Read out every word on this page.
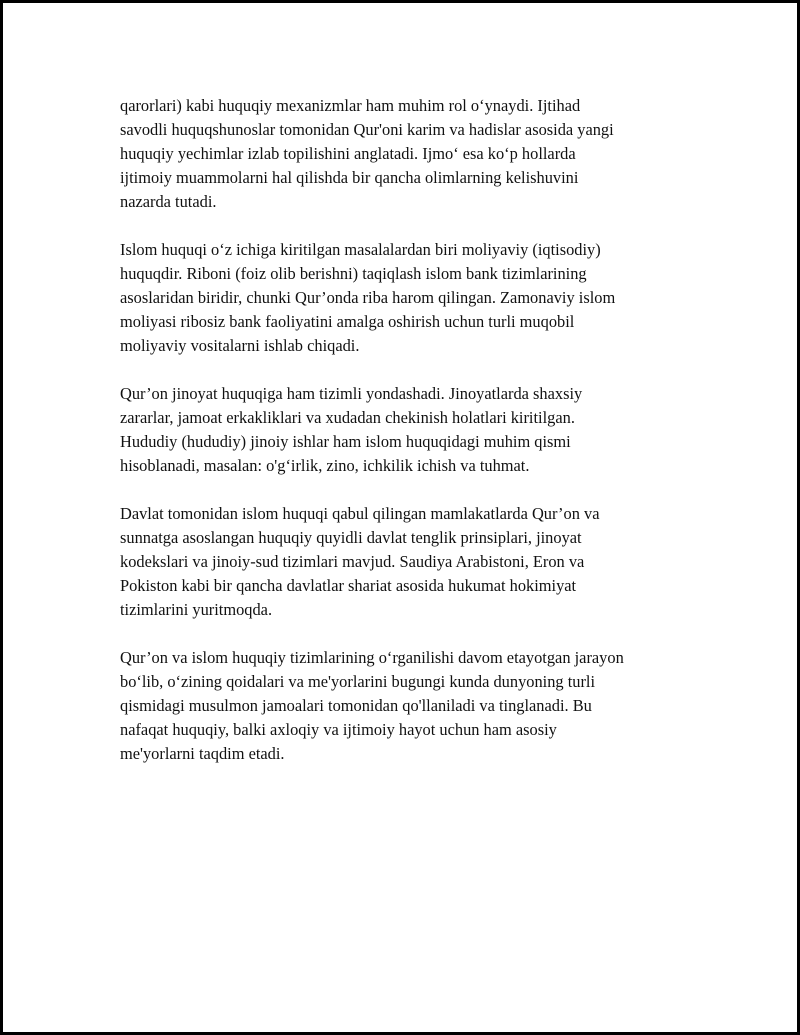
qarorlari) kabi huquqiy mexanizmlar ham muhim rol o‘ynaydi. Ijtihad
savodli huquqshunoslar tomonidan Qur'oni karim va hadislar asosida yangi
huquqiy yechimlar izlab topilishini anglatadi. Ijmo‘ esa ko‘p hollarda
ijtimoiy muammolarni hal qilishda bir qancha olimlarning kelishuvini
nazarda tutadi.

Islom huquqi o‘z ichiga kiritilgan masalalardan biri moliyaviy (iqtisodiy)
huquqdir. Riboni (foiz olib berishni) taqiqlash islom bank tizimlarining
asoslaridan biridir, chunki Qur’onda riba harom qilingan. Zamonaviy islom
moliyasi ribosiz bank faoliyatini amalga oshirish uchun turli muqobil
moliyaviy vositalarni ishlab chiqadi.

Qur’on jinoyat huquqiga ham tizimli yondashadi. Jinoyatlarda shaxsiy
zararlar, jamoat erkakliklari va xudadan chekinish holatlari kiritilgan.
Hududiy (hududiy) jinoiy ishlar ham islom huquqidagi muhim qismi
hisoblanadi, masalan: o'g‘irlik, zino, ichkilik ichish va tuhmat.

Davlat tomonidan islom huquqi qabul qilingan mamlakatlarda Qur’on va
sunnatga asoslangan huquqiy quyidli davlat tenglik prinsiplari, jinoyat
kodekslari va jinoiy-sud tizimlari mavjud. Saudiya Arabistoni, Eron va
Pokiston kabi bir qancha davlatlar shariat asosida hukumat hokimiyat
tizimlarini yuritmoqda.

Qur’on va islom huquqiy tizimlarining o‘rganilishi davom etayotgan jarayon
bo‘lib, o‘zining qoidalari va me'yorlarini bugungi kunda dunyoning turli
qismidagi musulmon jamoalari tomonidan qo'llaniladi va tinglanadi. Bu
nafaqat huquqiy, balki axloqiy va ijtimoiy hayot uchun ham asosiy
me'yorlarni taqdim etadi.
